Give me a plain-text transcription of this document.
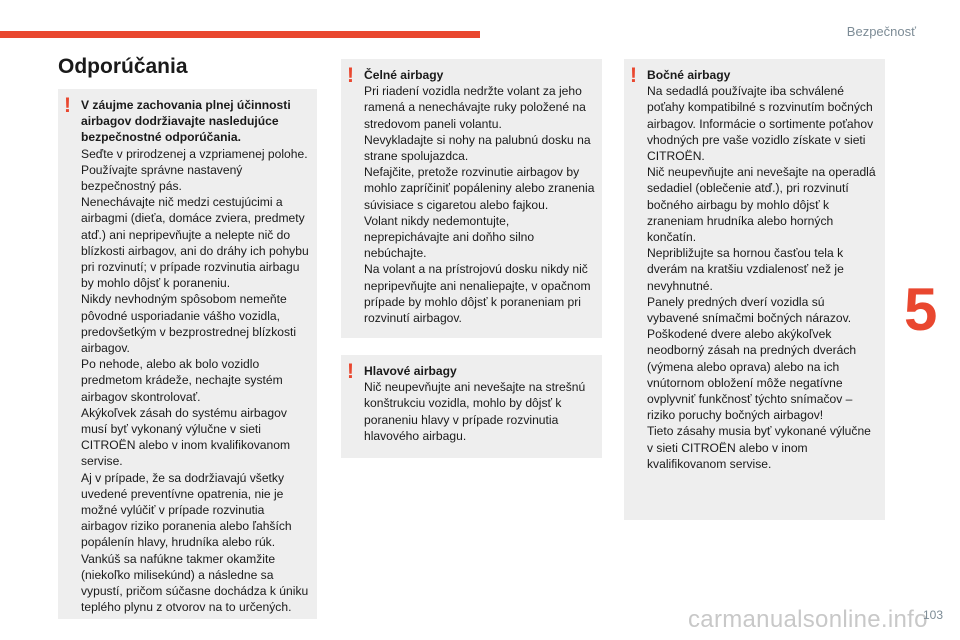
Bezpečnosť
Odporúčania
! V záujme zachovania plnej účinnosti airbagov dodržiavajte nasledujúce bezpečnostné odporúčania.
Seďte v prirodzenej a vzpriamenej polohe.
Používajte správne nastavený bezpečnostný pás.
Nenechávajte nič medzi cestujúcimi a airbagmi (dieťa, domáce zviera, predmety atď.) ani nepripevňujte a nelepte nič do blízkosti airbagov, ani do dráhy ich pohybu pri rozvinutí; v prípade rozvinutia airbagu by mohlo dôjsť k poraneniu.
Nikdy nevhodným spôsobom nemeňte pôvodné usporiadanie vášho vozidla, predovšetkým v bezprostrednej blízkosti airbagov.
Po nehode, alebo ak bolo vozidlo predmetom krádeže, nechajte systém airbagov skontrolovať.
Akýkoľvek zásah do systému airbagov musí byť vykonaný výlučne v sieti CITROËN alebo v inom kvalifikovanom servise.
Aj v prípade, že sa dodržiavajú všetky uvedené preventívne opatrenia, nie je možné vylúčiť v prípade rozvinutia airbagov riziko poranenia alebo ľahších popálenín hlavy, hrudníka alebo rúk.
Vankúš sa nafúkne takmer okamžite (niekoľko milisekúnd) a následne sa vypustí, pričom súčasne dochádza k úniku teplého plynu z otvorov na to určených.
! Čelné airbagy
Pri riadení vozidla nedržte volant za jeho ramená a nenechávajte ruky položené na stredovom paneli volantu.
Nevykladajte si nohy na palubnú dosku na strane spolujazdca.
Nefajčite, pretože rozvinutie airbagov by mohlo zapríčiniť popáleniny alebo zranenia súvisiace s cigaretou alebo fajkou.
Volant nikdy nedemontujte, neprepichávajte ani doňho silno nebúchajte.
Na volant a na prístrojovú dosku nikdy nič nepripevňujte ani nenaliepajte, v opačnom prípade by mohlo dôjsť k poraneniam pri rozvinutí airbagov.
! Hlavové airbagy
Nič neupevňujte ani nevešajte na strešnú konštrukciu vozidla, mohlo by dôjsť k poraneniu hlavy v prípade rozvinutia hlavového airbagu.
! Bočné airbagy
Na sedadlá používajte iba schválené poťahy kompatibilné s rozvinutím bočných airbagov. Informácie o sortimente poťahov vhodných pre vaše vozidlo získate v sieti CITROËN.
Nič neupevňujte ani nevešajte na operadlá sedadiel (oblečenie atď.), pri rozvinutí bočného airbagu by mohlo dôjsť k zraneniam hrudníka alebo horných končatín.
Nepribližujte sa hornou časťou tela k dverám na kratšiu vzdialenosť než je nevyhnutné.
Panely predných dverí vozidla sú vybavené snímačmi bočných nárazov.
Poškodené dvere alebo akýkoľvek neodborný zásah na predných dverách (výmena alebo oprava) alebo na ich vnútornom obložení môže negatívne ovplyvniť funkčnosť týchto snímačov – riziko poruchy bočných airbagov!
Tieto zásahy musia byť vykonané výlučne v sieti CITROËN alebo v inom kvalifikovanom servise.
5
carmanualsonline.info
103
